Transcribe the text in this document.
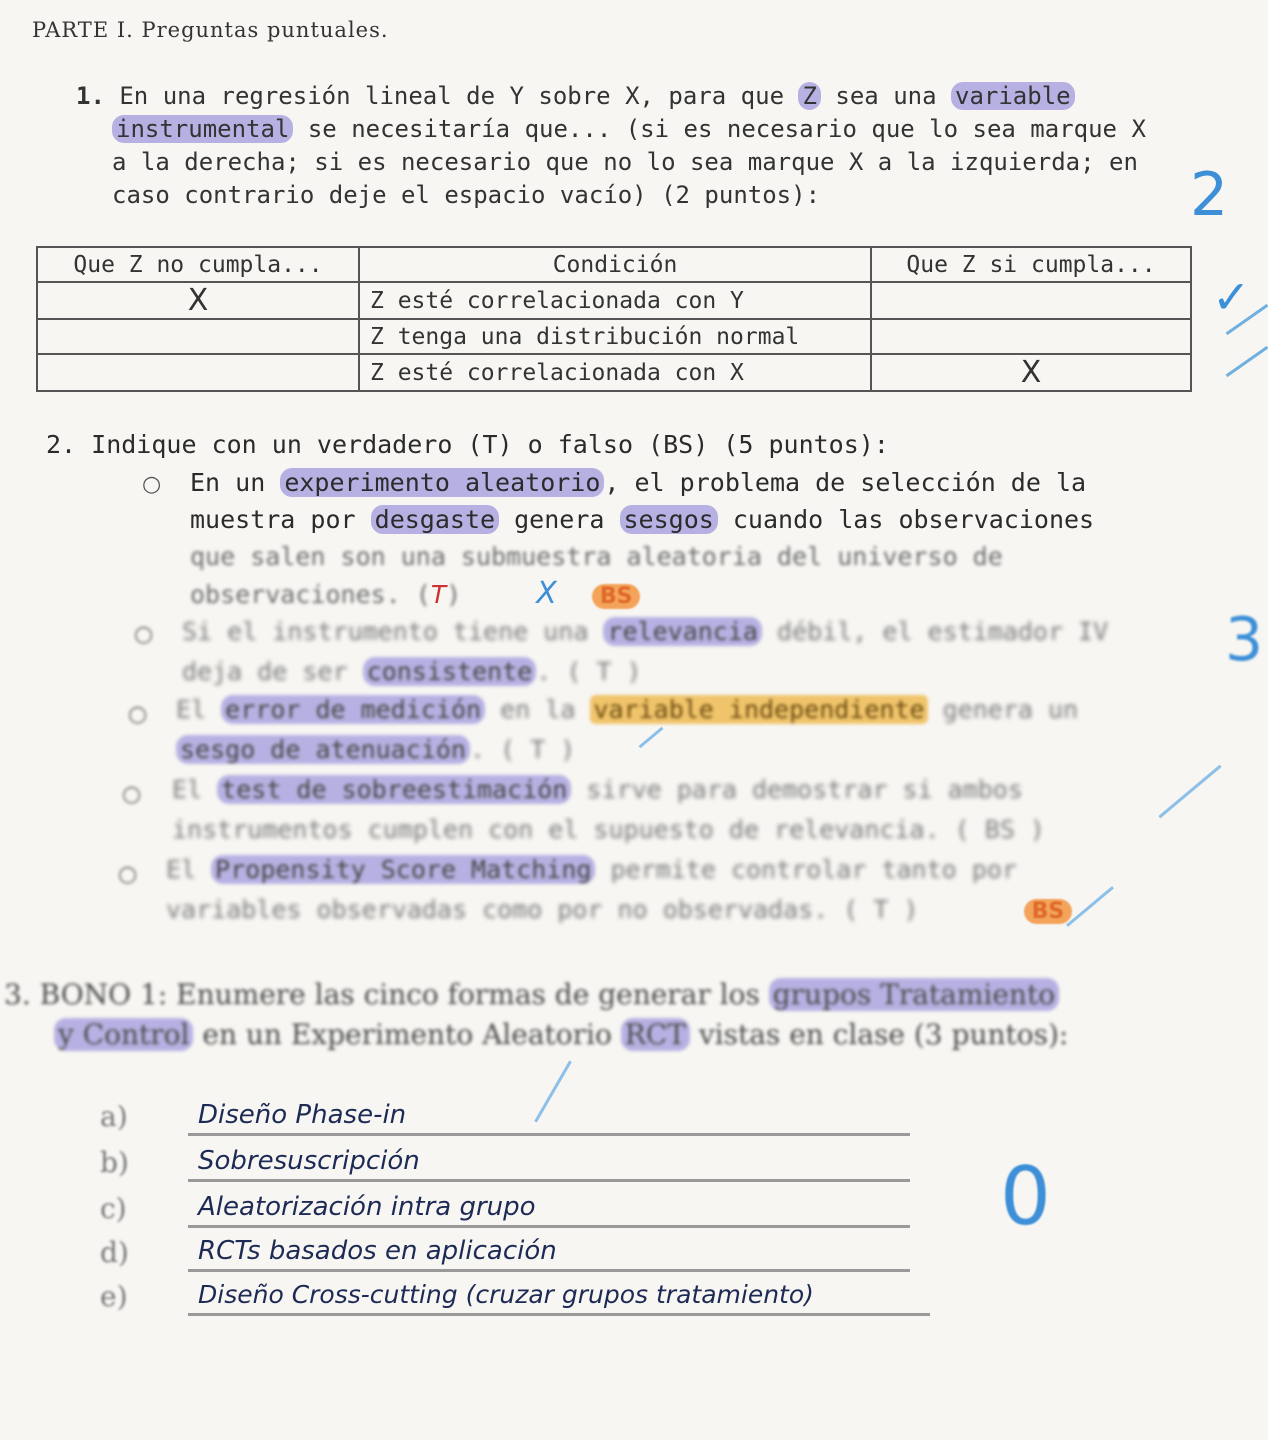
PARTE I. Preguntas puntuales.
1. En una regresión lineal de Y sobre X, para que Z sea una variable
instrumental se necesitaría que... (si es necesario que lo sea marque X
a la derecha; si es necesario que no lo sea marque X a la izquierda; en
caso contrario deje el espacio vacío) (2 puntos):	2
Que Z no cumpla...	Condición	Que Z si cumpla...
X	Z esté correlacionada con Y	
	Z tenga una distribución normal	
	Z esté correlacionada con X	X
✓
2. Indique con un verdadero (T) o falso (BS) (5 puntos):
○ En un experimento aleatorio , el problema de selección de la
muestra por desgaste genera sesgos cuando las observaciones
que salen son una submuestra aleatoria del universo de
observaciones. (T)	X BS
○ Si el instrumento tiene una relevancia débil, el estimador IV
deja de ser consistente . ( T )
○ El error de medición en la variable independiente genera un
sesgo de atenuación . ( T )
○ El test de sobreestimación sirve para demostrar si ambos
instrumentos cumplen con el supuesto de relevancia. ( BS )
○ El Propensity Score Matching permite controlar tanto por
variables observadas como por no observadas. ( T )	BS
3
3. BONO 1: Enumere las cinco formas de generar los grupos Tratamiento
y Control en un Experimento Aleatorio RCT vistas en clase (3 puntos):
a)	Diseño Phase-in
b)	Sobresuscripción
c)	Aleatorización intra grupo
d)	RCTs basados en aplicación
e)	Diseño Cross-cutting (cruzar grupos tratamiento)
0
